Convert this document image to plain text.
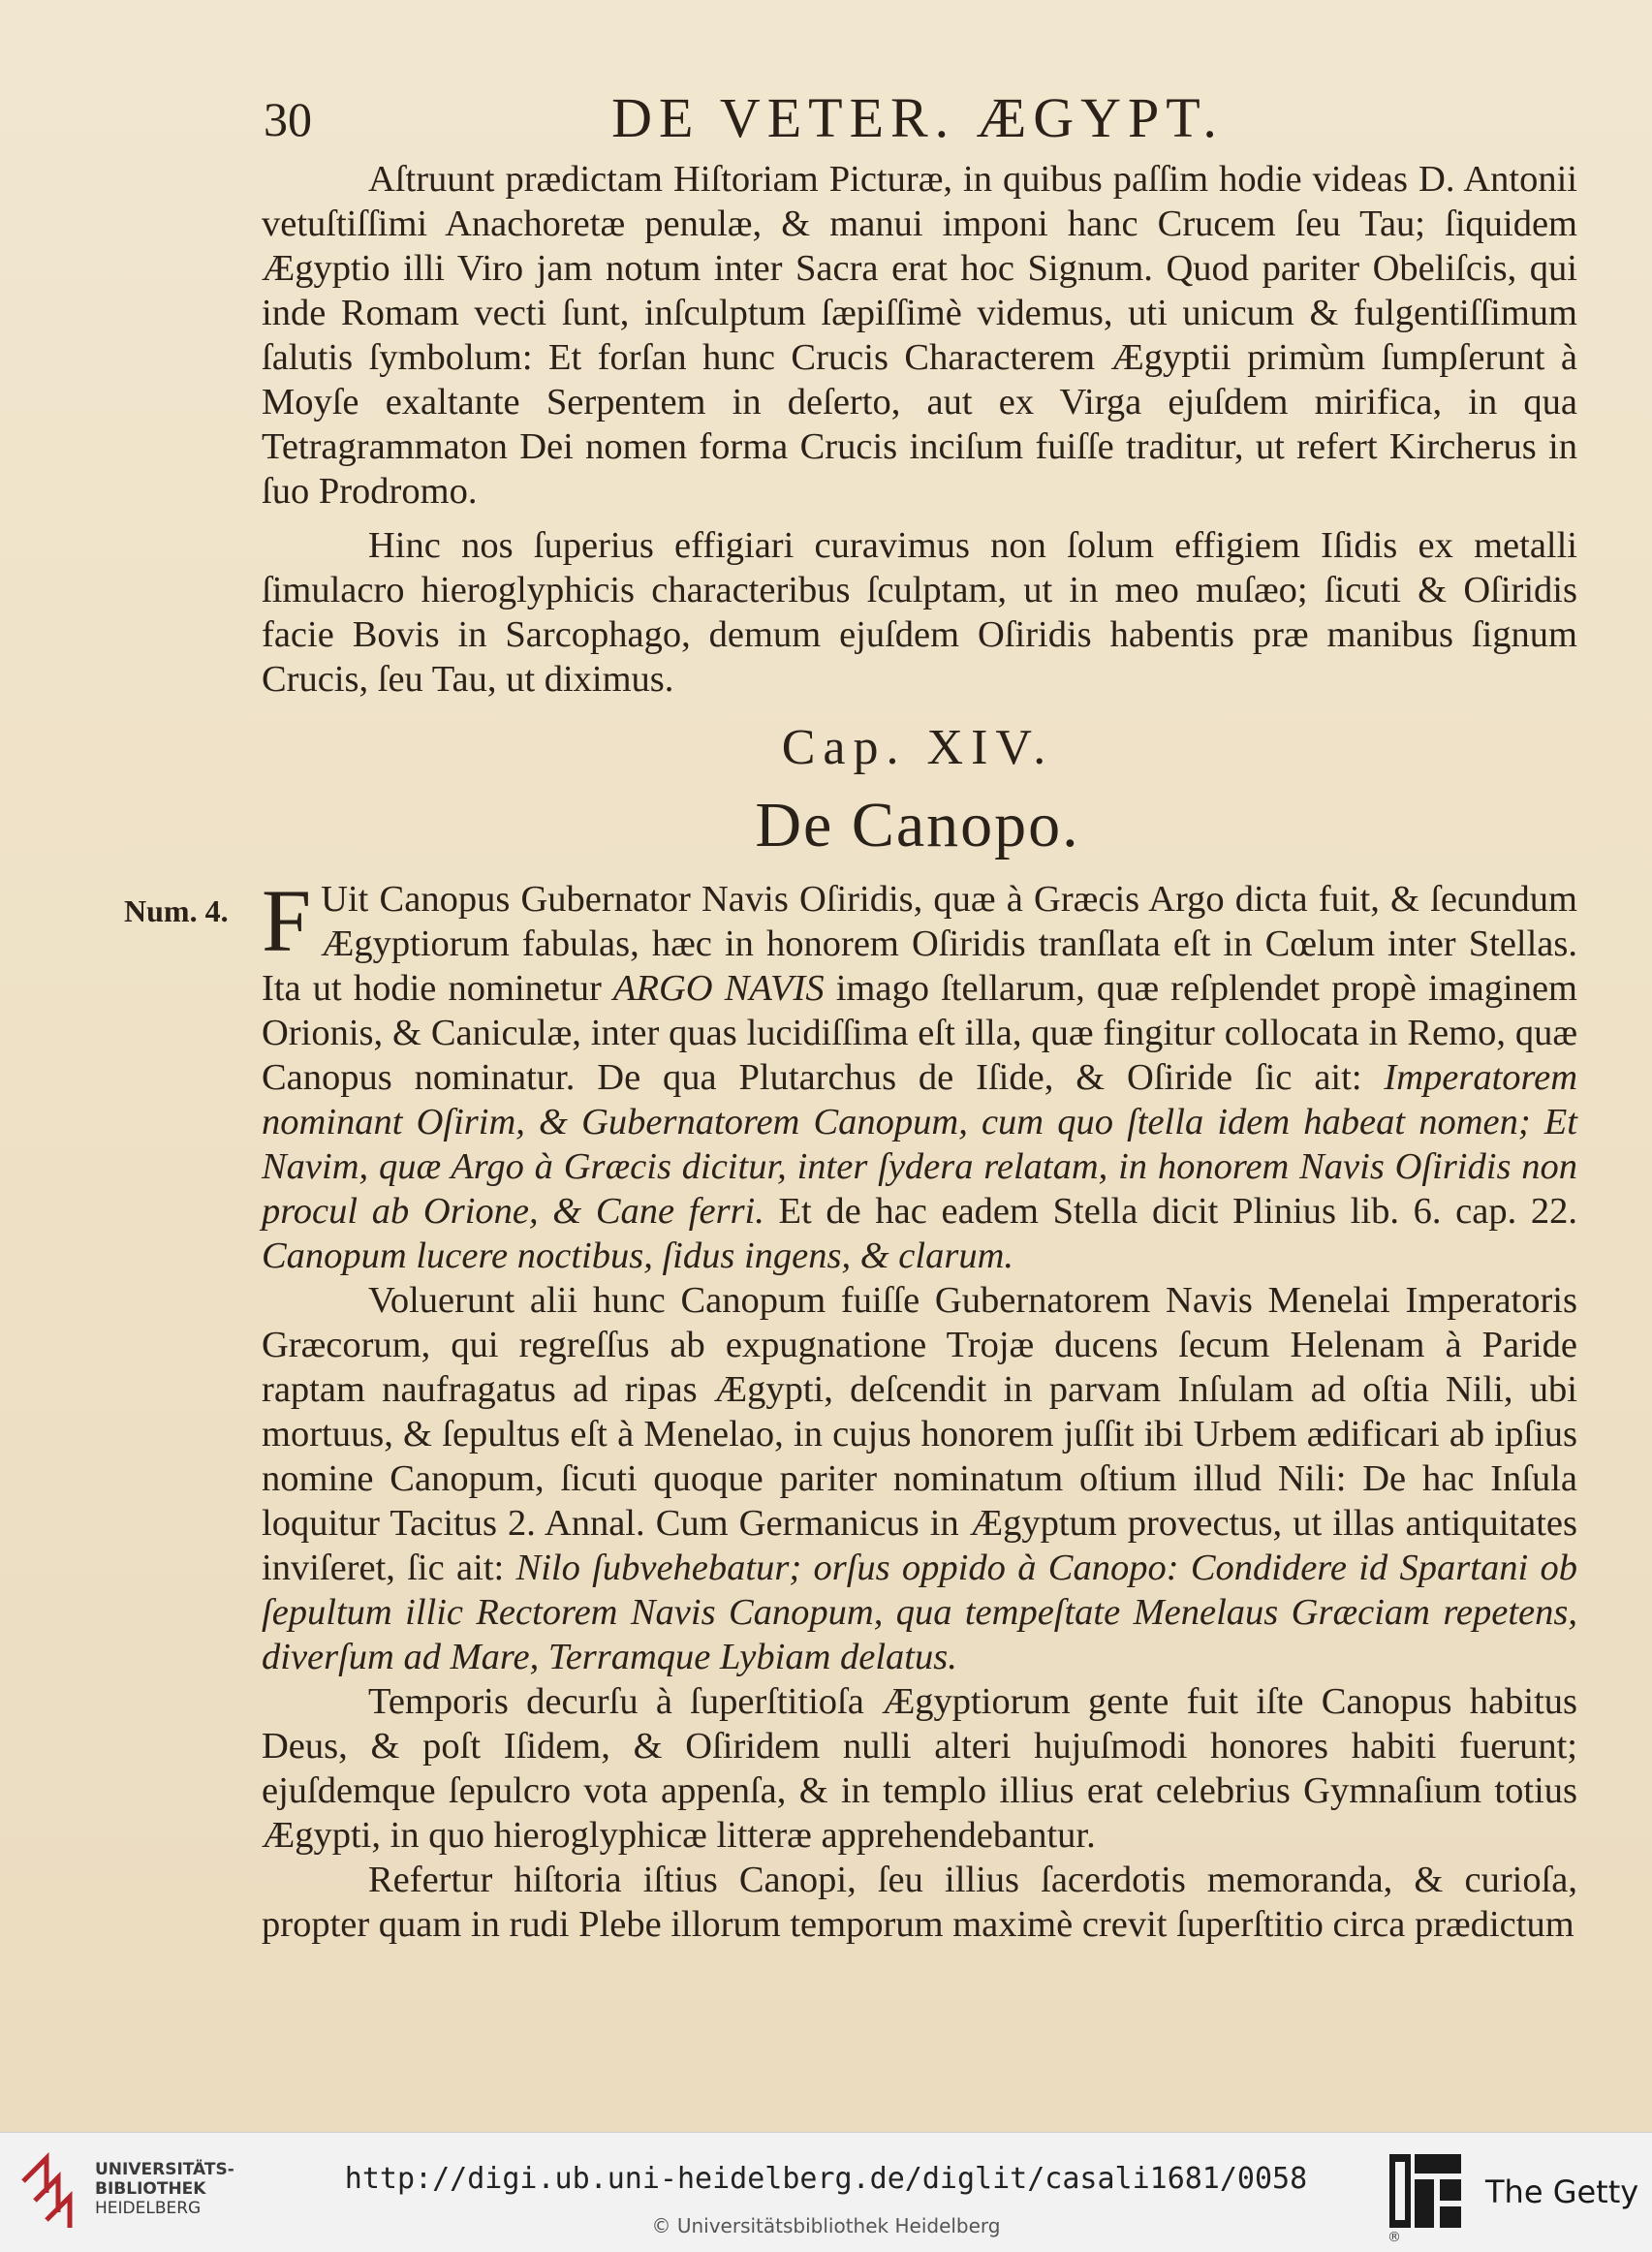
30	DE VETER. ÆGYPT.

Aſtruunt prædictam Hiſtoriam Picturæ, in quibus paſſim hodie videas D. Antonii vetuſtiſſimi Anachoretæ penulæ, & manui imponi hanc Crucem ſeu Tau; ſiquidem Ægyptio illi Viro jam notum inter Sacra erat hoc Signum. Quod pariter Obeliſcis, qui inde Romam vecti ſunt, inſculptum ſæpiſſimè videmus, uti unicum & fulgentiſſimum ſalutis ſymbolum: Et forſan hunc Crucis Characterem Ægyptii primùm ſumpſerunt à Moyſe exaltante Serpentem in deſerto, aut ex Virga ejuſdem mirifica, in qua Tetragrammaton Dei nomen forma Crucis inciſum fuiſſe traditur, ut refert Kircherus in ſuo Prodromo.

Hinc nos ſuperius effigiari curavimus non ſolum effigiem Iſidis ex metalli ſimulacro hieroglyphicis characteribus ſculptam, ut in meo muſæo; ſicuti & Oſiridis facie Bovis in Sarcophago, demum ejuſdem Oſiridis habentis præ manibus ſignum Crucis, ſeu Tau, ut diximus.

Cap. XIV.
De Canopo.
Num. 4. F Uit Canopus Gubernator Navis Oſiridis, quæ à Græcis Argo dicta fuit, & ſecundum Ægyptiorum fabulas, hæc in honorem Oſiridis tranſlata eſt in Cœlum inter Stellas. Ita ut hodie nominetur ARGO NAVIS imago ſtellarum, quæ reſplendet propè imaginem Orionis, & Caniculæ, inter quas lucidiſſima eſt illa, quæ fingitur collocata in Remo, quæ Canopus nominatur. De qua Plutarchus de Iſide, & Oſiride ſic ait: Imperatorem nominant Oſirim, & Gubernatorem Canopum, cum quo ſtella idem habeat nomen; Et Navim, quæ Argo à Græcis dicitur, inter ſydera relatam, in honorem Navis Oſiridis non procul ab Orione, & Cane ferri. Et de hac eadem Stella dicit Plinius lib. 6. cap. 22. Canopum lucere noctibus, ſidus ingens, & clarum.

Voluerunt alii hunc Canopum fuiſſe Gubernatorem Navis Menelai Imperatoris Græcorum, qui regreſſus ab expugnatione Trojæ ducens ſecum Helenam à Paride raptam naufragatus ad ripas Ægypti, deſcendit in parvam Inſulam ad oſtia Nili, ubi mortuus, & ſepultus eſt à Menelao, in cujus honorem juſſit ibi Urbem ædificari ab ipſius nomine Canopum, ſicuti quoque pariter nominatum oſtium illud Nili: De hac Inſula loquitur Tacitus 2. Annal. Cum Germanicus in Ægyptum provectus, ut illas antiquitates inviſeret, ſic ait: Nilo ſubvehebatur; orſus oppido à Canopo: Condidere id Spartani ob ſepultum illic Rectorem Navis Canopum, qua tempeſtate Menelaus Græciam repetens, diverſum ad Mare, Terramque Lybiam delatus.

Temporis decurſu à ſuperſtitioſa Ægyptiorum gente fuit iſte Canopus habitus Deus, & poſt Iſidem, & Oſiridem nulli alteri hujuſmodi honores habiti fuerunt; ejuſdemque ſepulcro vota appenſa, & in templo illius erat celebrius Gymnaſium totius Ægypti, in quo hieroglyphicæ litteræ apprehendebantur.

Refertur hiſtoria iſtius Canopi, ſeu illius ſacerdotis memoranda, & curioſa, propter quam in rudi Plebe illorum temporum maximè crevit ſuperſtitio circa prædictum

UNIVERSITÄTS-
BIBLIOTHEK
HEIDELBERG
http://digi.ub.uni-heidelberg.de/diglit/casali1681/0058
© Universitätsbibliothek Heidelberg	®
The Getty
